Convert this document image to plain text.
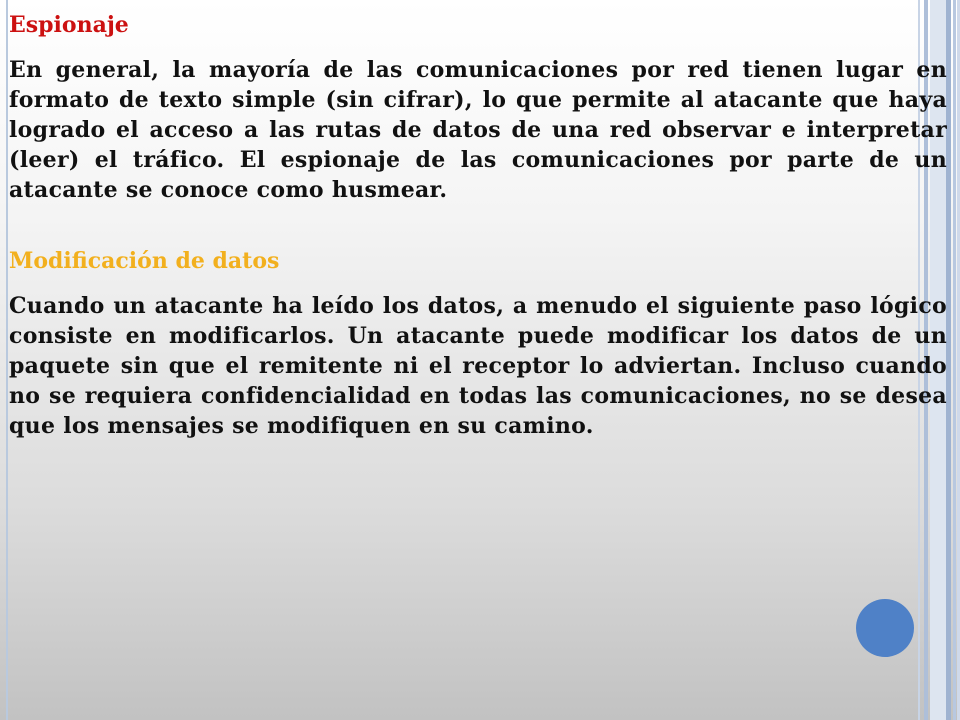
Espionaje

En general, la mayoría de las comunicaciones por red tienen lugar en formato de texto simple (sin cifrar), lo que permite al atacante que haya logrado el acceso a las rutas de datos de una red observar e interpretar (leer) el tráfico. El espionaje de las comunicaciones por parte de un atacante se conoce como husmear.

Modificación de datos

Cuando un atacante ha leído los datos, a menudo el siguiente paso lógico consiste en modificarlos. Un atacante puede modificar los datos de un paquete sin que el remitente ni el receptor lo adviertan. Incluso cuando no se requiera confidencialidad en todas las comunicaciones, no se desea que los mensajes se modifiquen en su camino.
